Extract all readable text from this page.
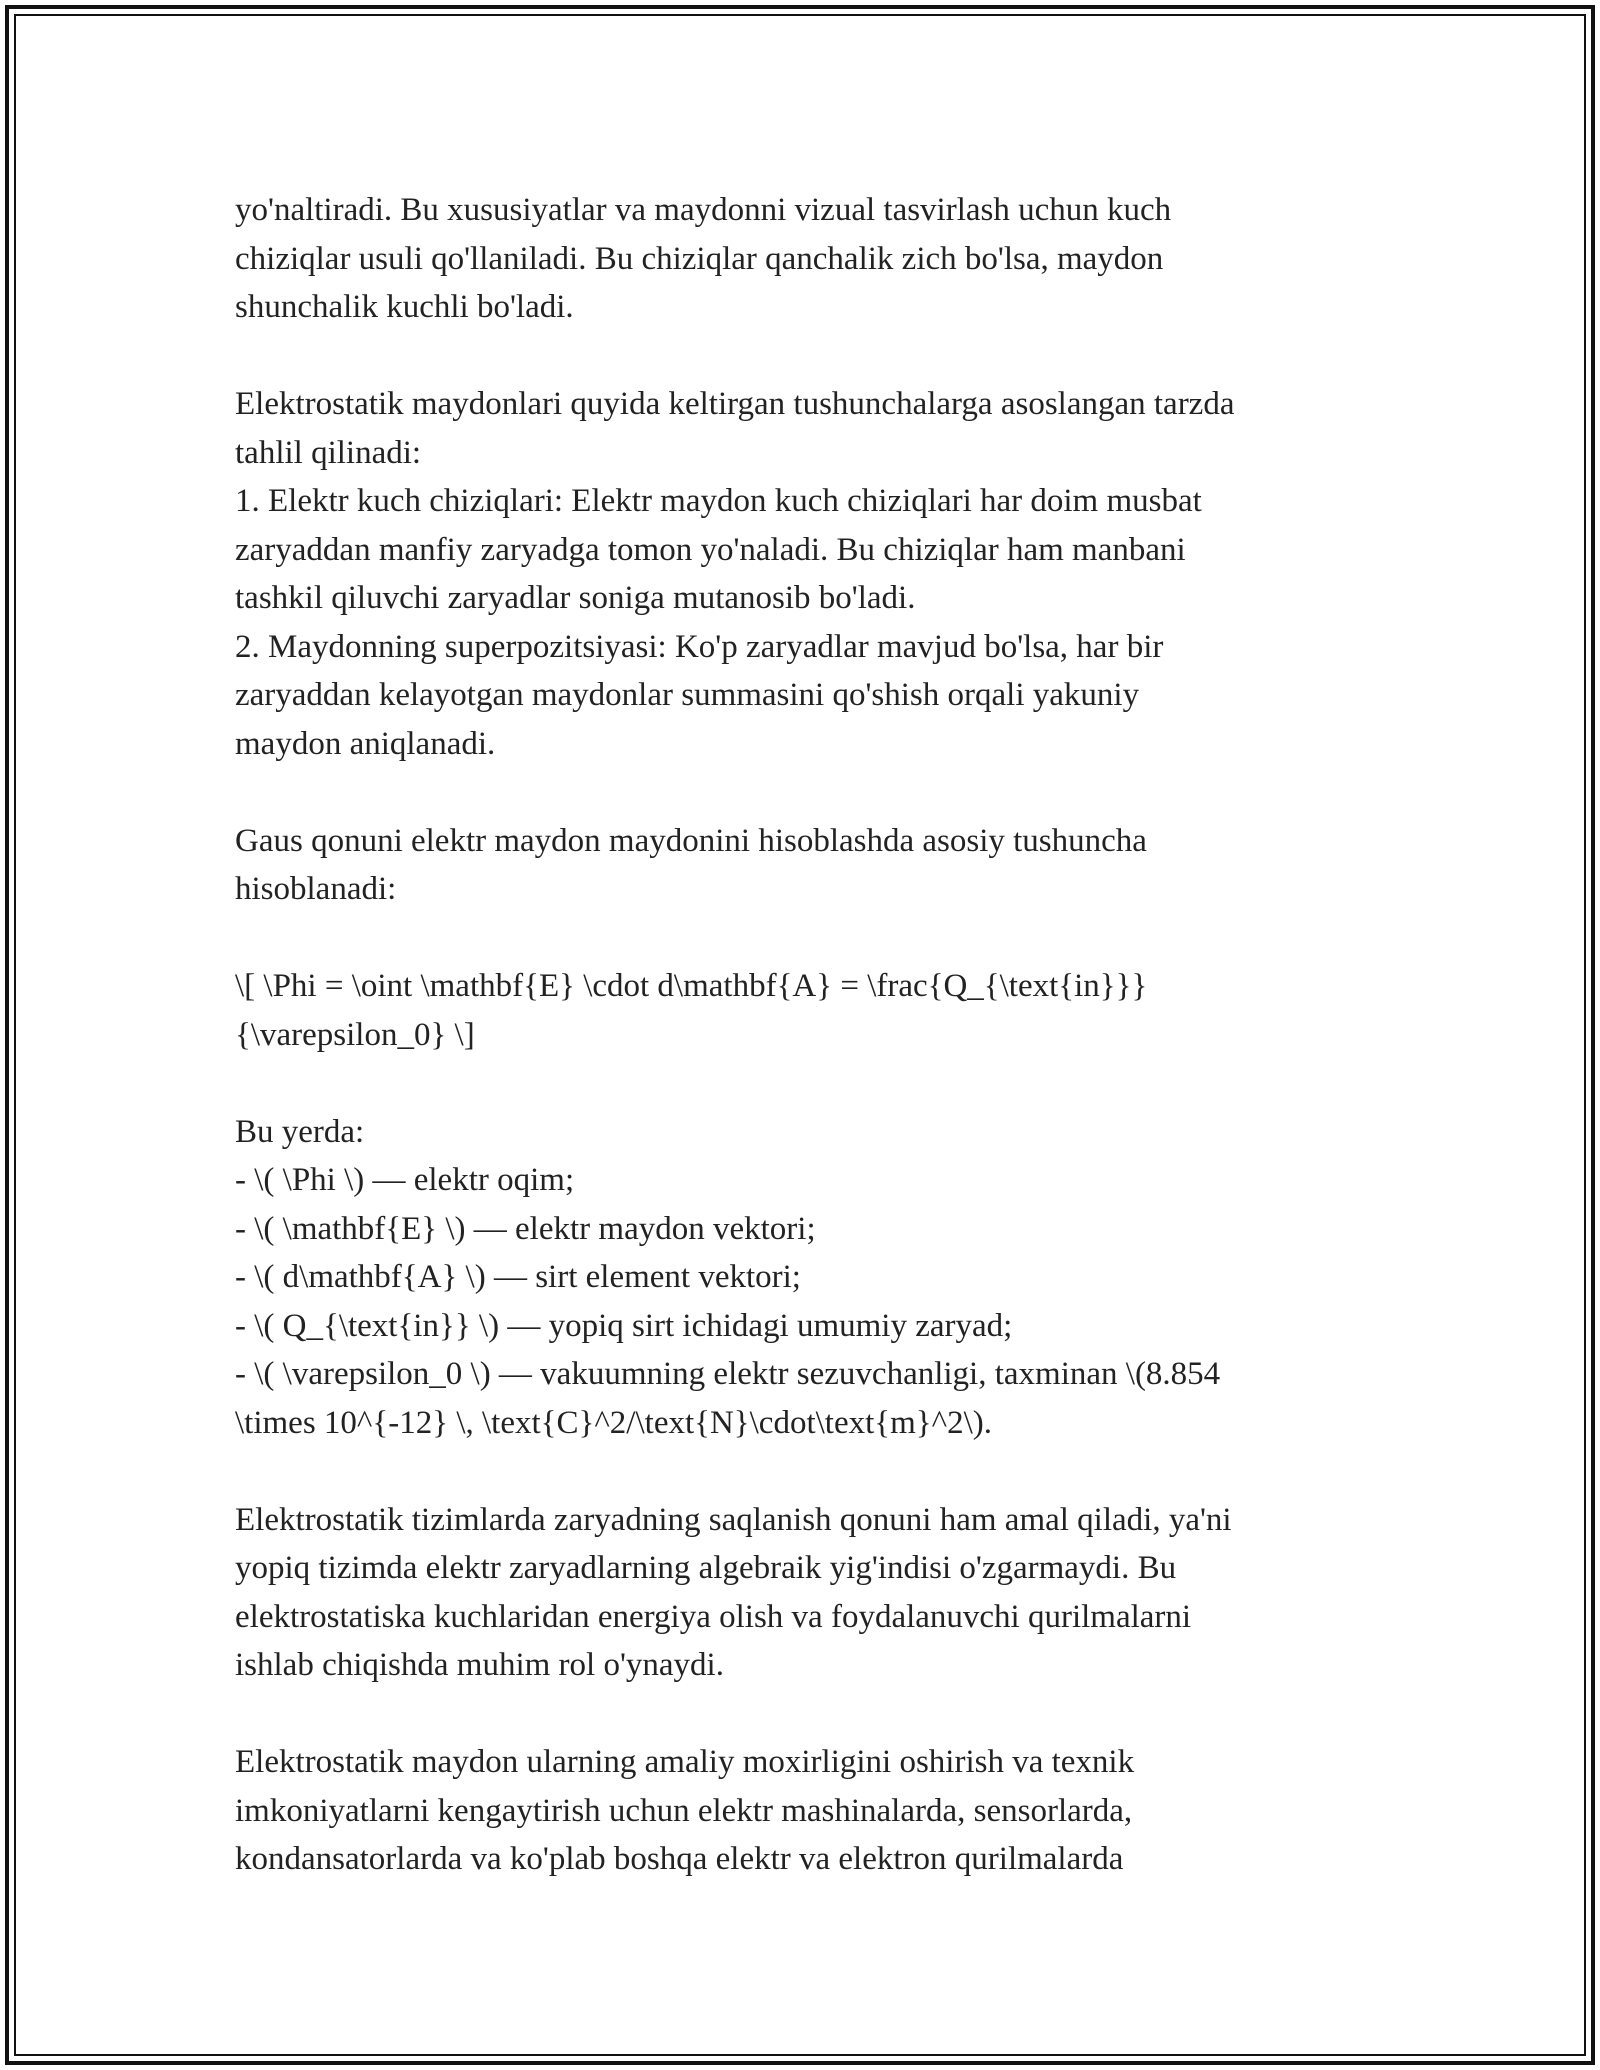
yo'naltiradi. Bu xususiyatlar va maydonni vizual tasvirlash uchun kuch
chiziqlar usuli qo'llaniladi. Bu chiziqlar qanchalik zich bo'lsa, maydon
shunchalik kuchli bo'ladi.

Elektrostatik maydonlari quyida keltirgan tushunchalarga asoslangan tarzda
tahlil qilinadi:
1. Elektr kuch chiziqlari: Elektr maydon kuch chiziqlari har doim musbat
zaryaddan manfiy zaryadga tomon yo'naladi. Bu chiziqlar ham manbani
tashkil qiluvchi zaryadlar soniga mutanosib bo'ladi.
2. Maydonning superpozitsiyasi: Ko'p zaryadlar mavjud bo'lsa, har bir
zaryaddan kelayotgan maydonlar summasini qo'shish orqali yakuniy
maydon aniqlanadi.

Gaus qonuni elektr maydon maydonini hisoblashda asosiy tushuncha
hisoblanadi:

\[ \Phi = \oint \mathbf{E} \cdot d\mathbf{A} = \frac{Q_{\text{in}}}
{\varepsilon_0} \]

Bu yerda:
- \( \Phi \) — elektr oqim;
- \( \mathbf{E} \) — elektr maydon vektori;
- \( d\mathbf{A} \) — sirt element vektori;
- \( Q_{\text{in}} \) — yopiq sirt ichidagi umumiy zaryad;
- \( \varepsilon_0 \) — vakuumning elektr sezuvchanligi, taxminan \(8.854
\times 10^{-12} \, \text{C}^2/\text{N}\cdot\text{m}^2\).

Elektrostatik tizimlarda zaryadning saqlanish qonuni ham amal qiladi, ya'ni
yopiq tizimda elektr zaryadlarning algebraik yig'indisi o'zgarmaydi. Bu
elektrostatiska kuchlaridan energiya olish va foydalanuvchi qurilmalarni
ishlab chiqishda muhim rol o'ynaydi.

Elektrostatik maydon ularning amaliy moxirligini oshirish va texnik
imkoniyatlarni kengaytirish uchun elektr mashinalarda, sensorlarda,
kondansatorlarda va ko'plab boshqa elektr va elektron qurilmalarda
